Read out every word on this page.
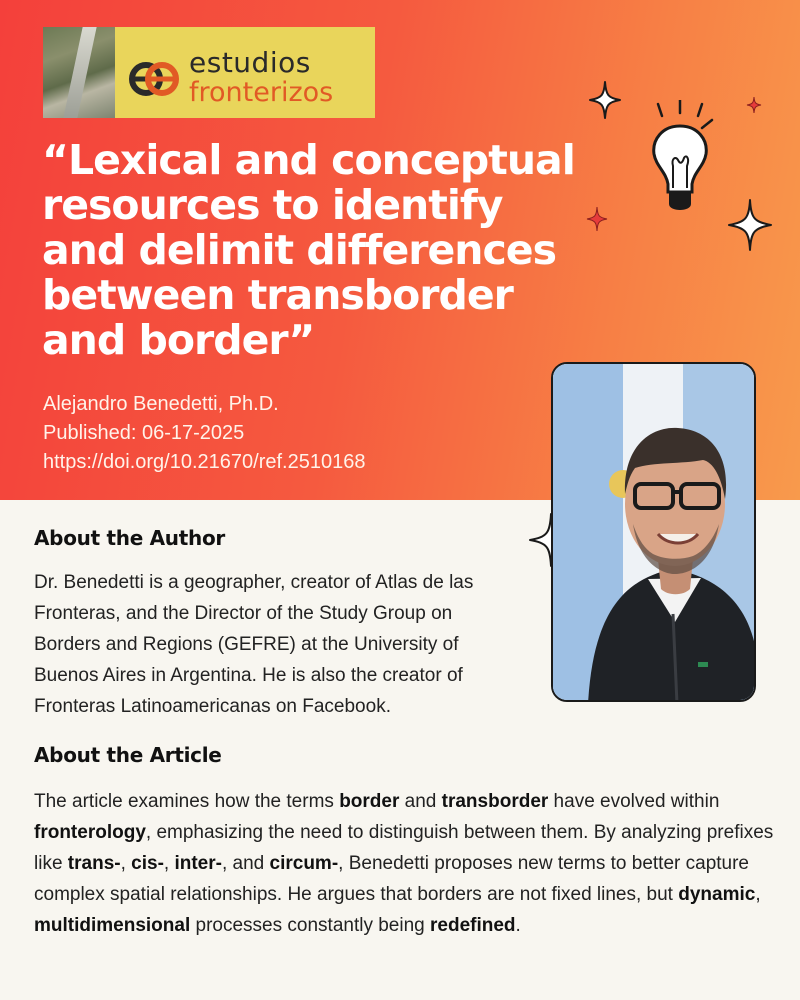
estudios
fronterizos
“Lexical and conceptual
resources to identify
and delimit differences
between transborder
and border”
Alejandro Benedetti, Ph.D.
Published: 06-17-2025
https://doi.org/10.21670/ref.2510168
About the Author
Dr. Benedetti is a geographer, creator of Atlas de las
Fronteras, and the Director of the Study Group on
Borders and Regions (GEFRE) at the University of
Buenos Aires in Argentina. He is also the creator of
Fronteras Latinoamericanas on Facebook.
About the Article
The article examines how the terms border and transborder have evolved within fronterology, emphasizing the need to distinguish between them. By analyzing prefixes like trans-, cis-, inter-, and circum-, Benedetti proposes new terms to better capture complex spatial relationships. He argues that borders are not fixed lines, but dynamic, multidimensional processes constantly being redefined.
